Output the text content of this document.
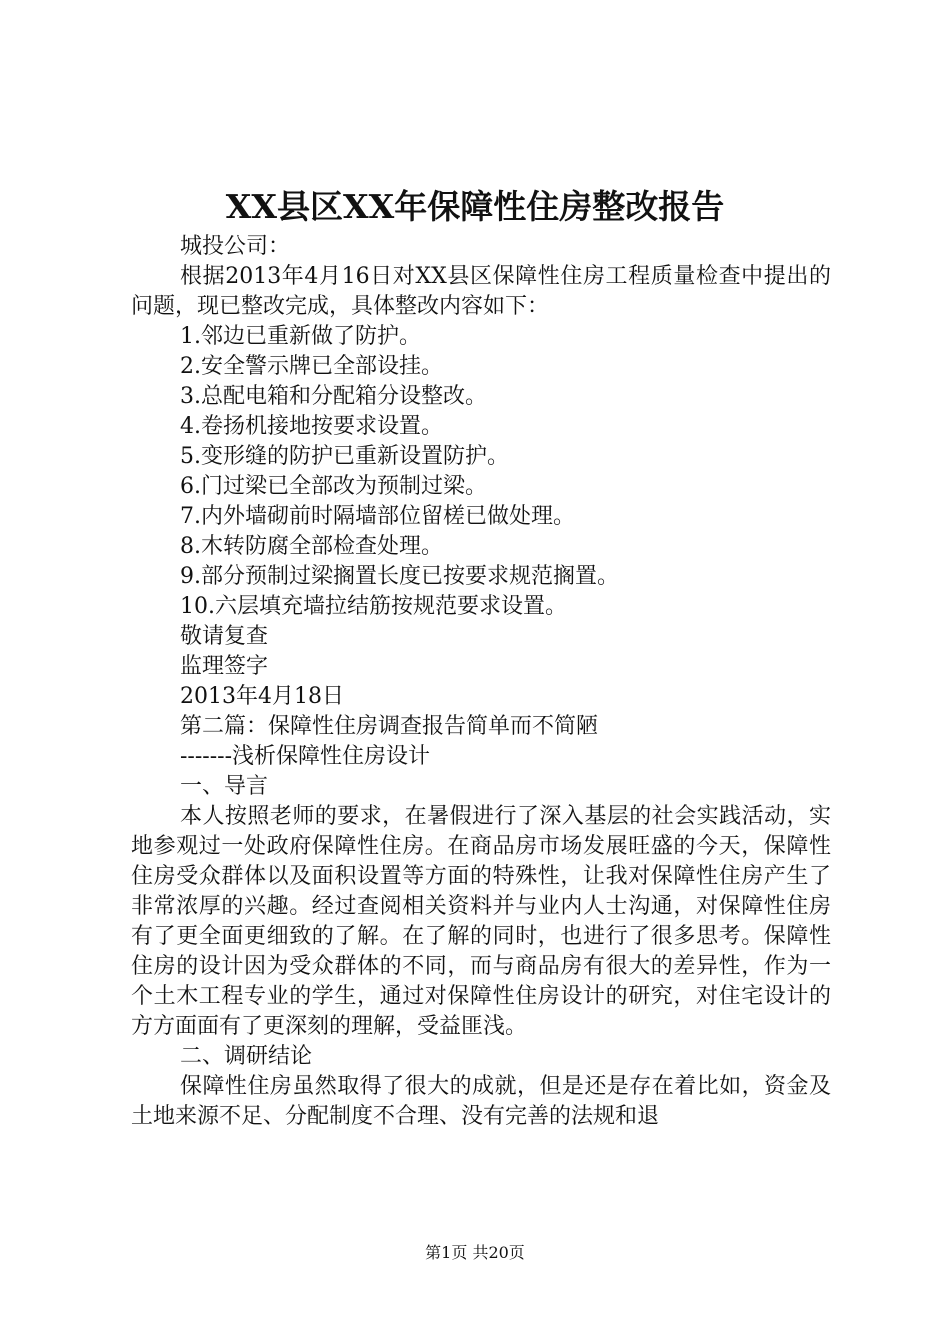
XX县区XX年保障性住房整改报告
城投公司：

根据2013年4月16日对XX县区保障性住房工程质量检查中提出的问题，现已整改完成，具体整改内容如下：

1.邻边已重新做了防护。
2.安全警示牌已全部设挂。
3.总配电箱和分配箱分设整改。
4.卷扬机接地按要求设置。
5.变形缝的防护已重新设置防护。
6.门过梁已全部改为预制过梁。
7.内外墙砌前时隔墙部位留槎已做处理。
8.木转防腐全部检查处理。
9.部分预制过梁搁置长度已按要求规范搁置。
10.六层填充墙拉结筋按规范要求设置。
敬请复查
监理签字
2013年4月18日
第二篇：保障性住房调查报告简单而不简陋
-------浅析保障性住房设计
一、导言

本人按照老师的要求，在暑假进行了深入基层的社会实践活动，实地参观过一处政府保障性住房。在商品房市场发展旺盛的今天，保障性住房受众群体以及面积设置等方面的特殊性，让我对保障性住房产生了非常浓厚的兴趣。经过查阅相关资料并与业内人士沟通，对保障性住房有了更全面更细致的了解。在了解的同时，也进行了很多思考。保障性住房的设计因为受众群体的不同，而与商品房有很大的差异性，作为一个土木工程专业的学生，通过对保障性住房设计的研究，对住宅设计的方方面面有了更深刻的理解，受益匪浅。

二、调研结论

保障性住房虽然取得了很大的成就，但是还是存在着比如，资金及土地来源不足、分配制度不合理、没有完善的法规和退

第1页 共20页
